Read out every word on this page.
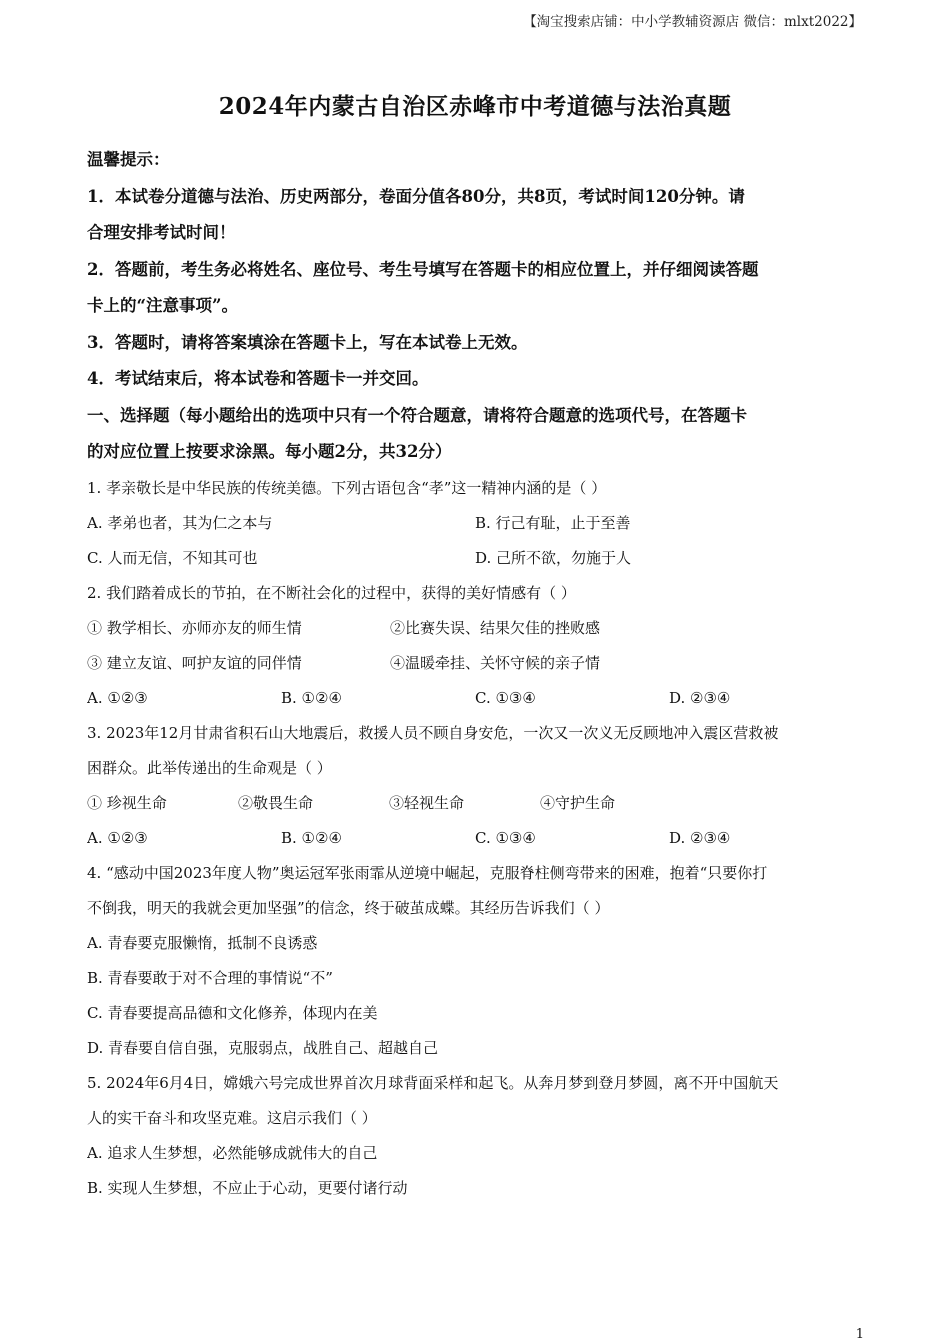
【淘宝搜索店铺：中小学教辅资源店 微信：mlxt2022】
2024年内蒙古自治区赤峰市中考道德与法治真题
温馨提示：
1．本试卷分道德与法治、历史两部分，卷面分值各80分，共8页，考试时间120分钟。请
合理安排考试时间！
2．答题前，考生务必将姓名、座位号、考生号填写在答题卡的相应位置上，并仔细阅读答题
卡上的“注意事项”。
3．答题时，请将答案填涂在答题卡上，写在本试卷上无效。
4．考试结束后，将本试卷和答题卡一并交回。
一、选择题（每小题给出的选项中只有一个符合题意，请将符合题意的选项代号，在答题卡
的对应位置上按要求涂黑。每小题2分，共32分）
1. 孝亲敬长是中华民族的传统美德。下列古语包含“孝”这一精神内涵的是（ ）
A. 孝弟也者，其为仁之本与	B. 行己有耻，止于至善
C. 人而无信，不知其可也	D. 己所不欲，勿施于人
2. 我们踏着成长的节拍，在不断社会化的过程中，获得的美好情感有（ ）
① 教学相长、亦师亦友的师生情	②比赛失误、结果欠佳的挫败感
③ 建立友谊、呵护友谊的同伴情	④温暖牵挂、关怀守候的亲子情
A. ①②③	B. ①②④	C. ①③④	D. ②③④
3. 2023年12月甘肃省积石山大地震后，救援人员不顾自身安危，一次又一次义无反顾地冲入震区营救被
困群众。此举传递出的生命观是（ ）
① 珍视生命	②敬畏生命	③轻视生命	④守护生命
A. ①②③	B. ①②④	C. ①③④	D. ②③④
4. “感动中国2023年度人物”奥运冠军张雨霏从逆境中崛起，克服脊柱侧弯带来的困难，抱着“只要你打
不倒我，明天的我就会更加坚强”的信念，终于破茧成蝶。其经历告诉我们（ ）
A. 青春要克服懒惰，抵制不良诱惑
B. 青春要敢于对不合理的事情说“不”
C. 青春要提高品德和文化修养，体现内在美
D. 青春要自信自强，克服弱点，战胜自己、超越自己
5. 2024年6月4日，嫦娥六号完成世界首次月球背面采样和起飞。从奔月梦到登月梦圆，离不开中国航天
人的实干奋斗和攻坚克难。这启示我们（ ）
A. 追求人生梦想，必然能够成就伟大的自己
B. 实现人生梦想，不应止于心动，更要付诸行动
1
